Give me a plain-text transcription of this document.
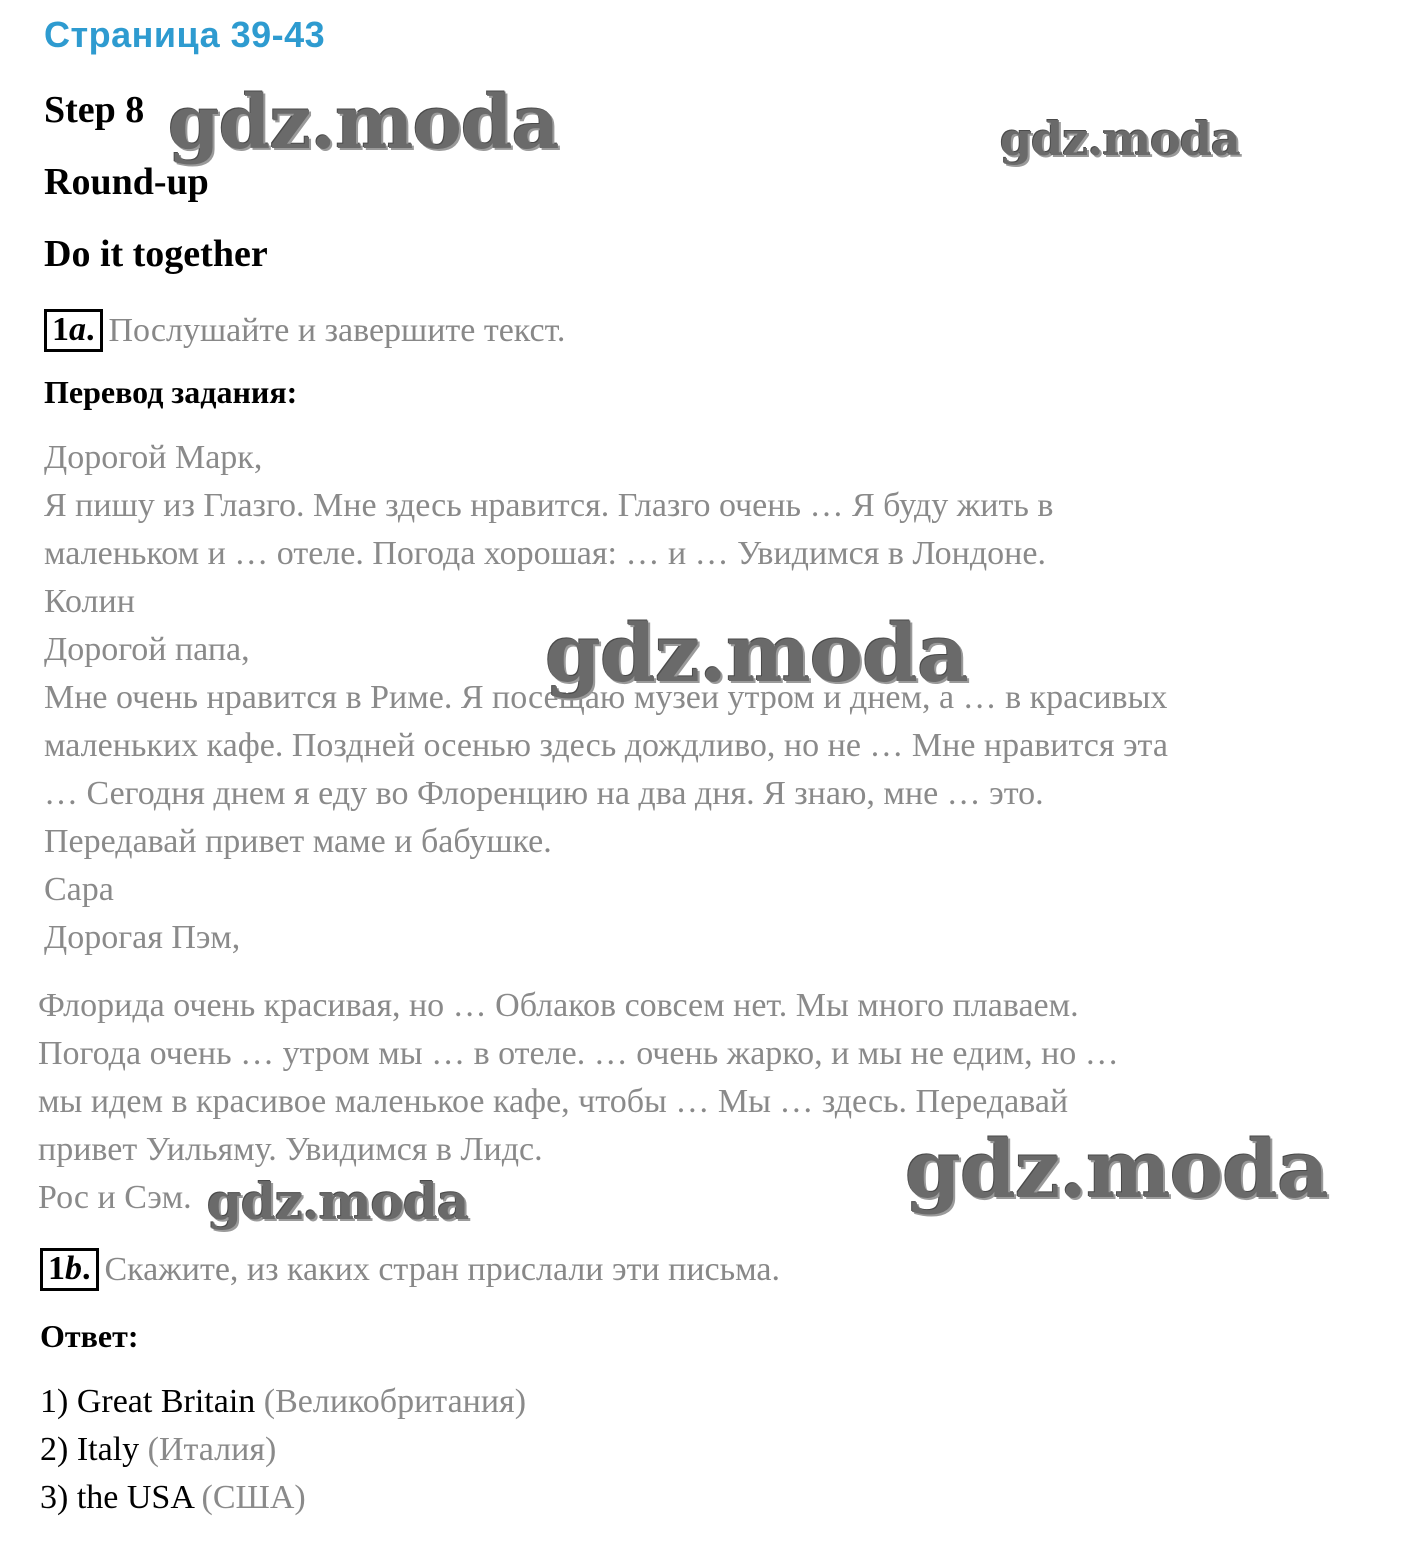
Страница 39-43
Step 8
Round-up
Do it together
1a. Послушайте и завершите текст.
Перевод задания:
Дорогой Марк,
Я пишу из Глазго. Мне здесь нравится. Глазго очень … Я буду жить в
маленьком и … отеле. Погода хорошая: … и … Увидимся в Лондоне.
Колин
Дорогой папа,
Мне очень нравится в Риме. Я посещаю музеи утром и днем, а … в красивых
маленьких кафе. Поздней осенью здесь дождливо, но не … Мне нравится эта
… Сегодня днем я еду во Флоренцию на два дня. Я знаю, мне … это.
Передавай привет маме и бабушке.
Сара
Дорогая Пэм,
Флорида очень красивая, но … Облаков совсем нет. Мы много плаваем.
Погода очень … утром мы … в отеле. … очень жарко, и мы не едим, но …
мы идем в красивое маленькое кафе, чтобы … Мы … здесь. Передавай
привет Уильяму. Увидимся в Лидс.
Рос и Сэм.
1b. Скажите, из каких стран прислали эти письма.
Ответ:
1) Great Britain (Великобритания)
2) Italy (Италия)
3) the USA (США)
gdz.moda	gdz.moda
gdz.moda
gdz.moda
gdz.moda
